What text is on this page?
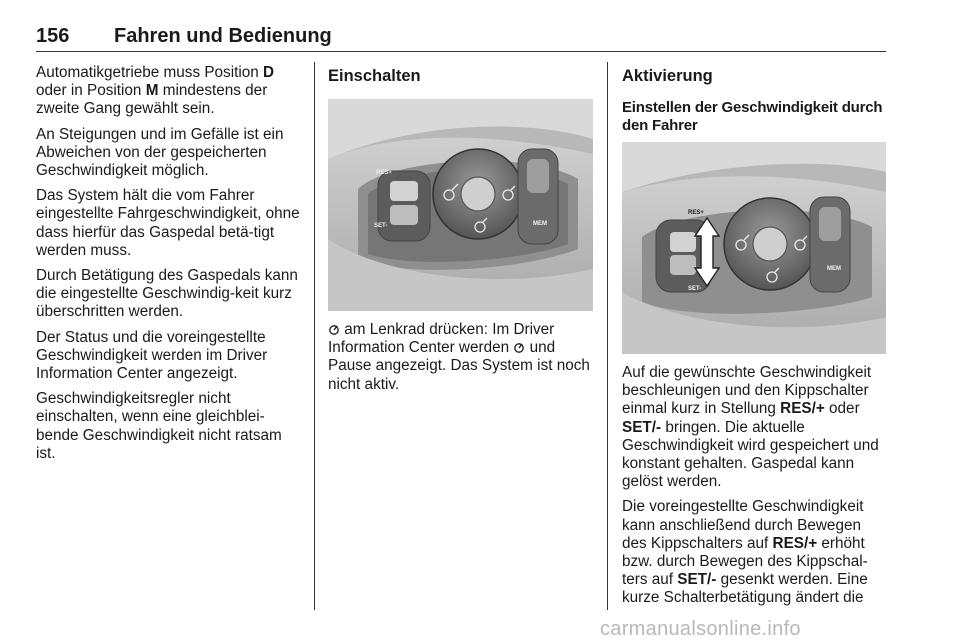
156	Fahren und Bedienung

Automatikgetriebe muss Position D oder in Position M mindestens der zweite Gang gewählt sein.

An Steigungen und im Gefälle ist ein Abweichen von der gespeicherten Geschwindigkeit möglich.

Das System hält die vom Fahrer eingestellte Fahrgeschwindigkeit, ohne dass hierfür das Gaspedal betä-tigt werden muss.

Durch Betätigung des Gaspedals kann die eingestellte Geschwindig-keit kurz überschritten werden.

Der Status und die voreingestellte Geschwindigkeit werden im Driver Information Center angezeigt.

Geschwindigkeitsregler nicht einschalten, wenn eine gleichblei-bende Geschwindigkeit nicht ratsam ist.

Einschalten
RES+
SET-	MEM

am Lenkrad drücken: Im Driver Information Center werden  und Pause angezeigt. Das System ist noch nicht aktiv.

Aktivierung
Einstellen der Geschwindigkeit durch den Fahrer
RES+
SET-
MEM

Auf die gewünschte Geschwindigkeit beschleunigen und den Kippschalter einmal kurz in Stellung RES/+ oder SET/- bringen. Die aktuelle Geschwindigkeit wird gespeichert und konstant gehalten. Gaspedal kann gelöst werden.

Die voreingestellte Geschwindigkeit kann anschließend durch Bewegen des Kippschalters auf RES/+ erhöht bzw. durch Bewegen des Kippschal-ters auf SET/- gesenkt werden. Eine kurze Schalterbetätigung ändert die

carmanualsonline.info
